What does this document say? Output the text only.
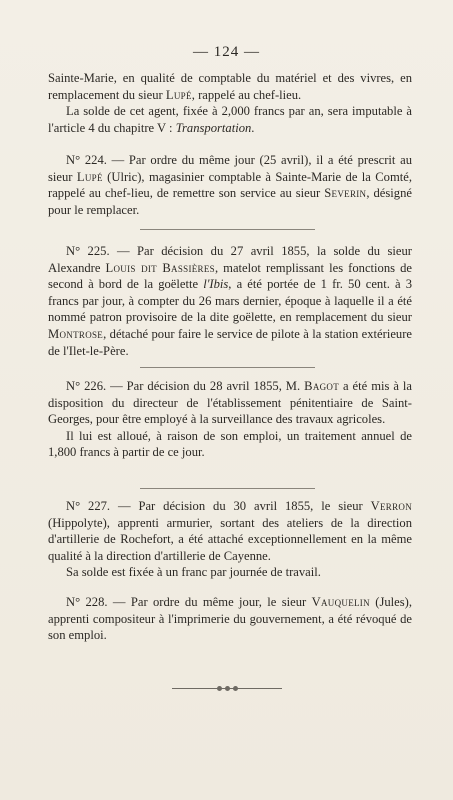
— 124 —

Sainte-Marie, en qualité de comptable du matériel et des vivres, en remplacement du sieur Lupé, rappelé au chef-lieu.

La solde de cet agent, fixée à 2,000 francs par an, sera imputable à l'article 4 du chapitre V : Transportation.

N° 224. — Par ordre du même jour (25 avril), il a été prescrit au sieur Lupé (Ulric), magasinier comptable à Sainte-Marie de la Comté, rappelé au chef-lieu, de remettre son service au sieur Severin, désigné pour le remplacer.

N° 225. — Par décision du 27 avril 1855, la solde du sieur Alexandre Louis dit Bassières, matelot remplissant les fonctions de second à bord de la goëlette l'Ibis, a été portée de 1 fr. 50 cent. à 3 francs par jour, à compter du 26 mars dernier, époque à laquelle il a été nommé patron provisoire de la dite goëlette, en remplacement du sieur Montrose, détaché pour faire le service de pilote à la station extérieure de l'Ilet-le-Père.

N° 226. — Par décision du 28 avril 1855, M. Bagot a été mis à la disposition du directeur de l'établissement pénitentiaire de Saint-Georges, pour être employé à la surveillance des travaux agricoles.

Il lui est alloué, à raison de son emploi, un traitement annuel de 1,800 francs à partir de ce jour.

N° 227. — Par décision du 30 avril 1855, le sieur Verron (Hippolyte), apprenti armurier, sortant des ateliers de la direction d'artillerie de Rochefort, a été attaché exceptionnellement en la même qualité à la direction d'artillerie de Cayenne.

Sa solde est fixée à un franc par journée de travail.

N° 228. — Par ordre du même jour, le sieur Vauquelin (Jules), apprenti compositeur à l'imprimerie du gouvernement, a été révoqué de son emploi.
